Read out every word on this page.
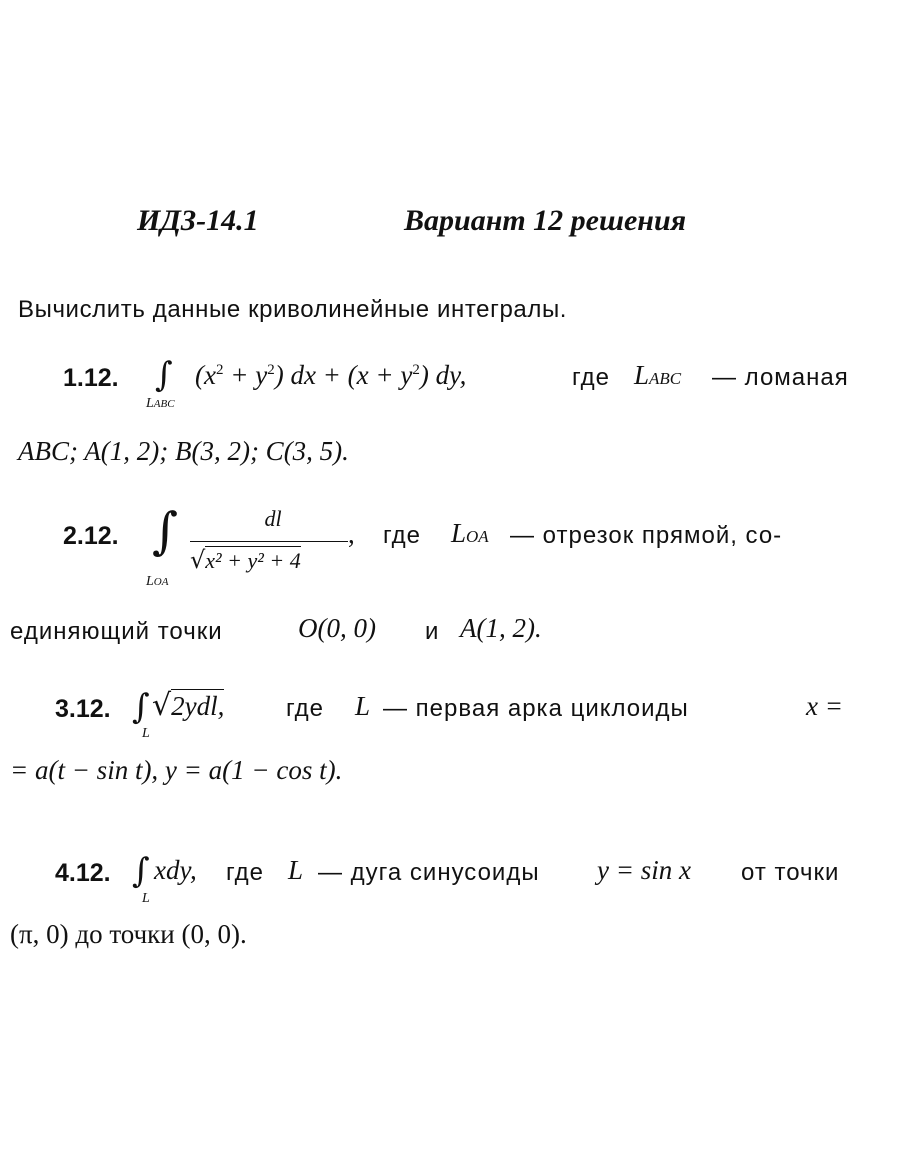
ИДЗ-14.1	Вариант 12 решения
Вычислить данные криволинейные интегралы.
1.12. ∫
LABC
$(x^2 + y^2)$ dx + $(x + y^2)$ dy,	где LABC — ломаная
ABC; A(1, 2); B(3, 2); C(3, 5).
2.12. ∫
LOA
dl
√x² + y² + 4
, где LOA — отрезок прямой, со-
единяющий точки	O(0, 0) и A(1, 2).
3.12. ∫
L
√2ydl,	где L — первая арка циклоиды	x =
= a(t − sin t), y = a(1 − cos t).
4.12. ∫
L
xdy, где L — дуга синусоиды y = sin x от точки
(π, 0) до точки (0, 0).
